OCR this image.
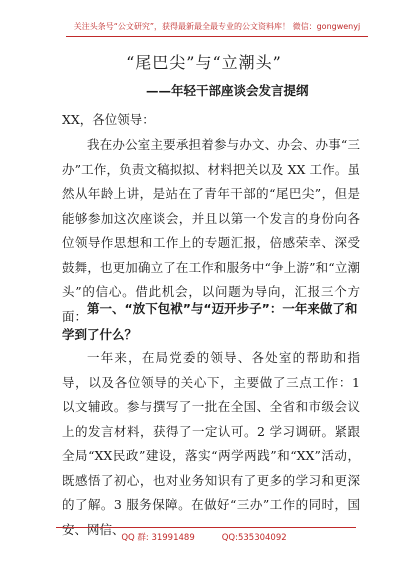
关注头条号“公文研究”，获得最新最全最专业的公文资料库！ 微信：gongwenyj
“尾巴尖”与“立潮头”
——年轻干部座谈会发言提纲

XX，各位领导：

我在办公室主要承担着参与办文、办会、办事“三办”工作，负责文稿拟拟、材料把关以及 XX 工作。虽然从年龄上讲，是站在了青年干部的“尾巴尖”，但是能够参加这次座谈会，并且以第一个发言的身份向各位领导作思想和工作上的专题汇报，倍感荣幸、深受鼓舞，也更加确立了在工作和服务中“争上游”和“立潮头”的信心。借此机会，以问题为导向，汇报三个方面： 第一、“放下包袱”与“迈开步子”：一年来做了和学到了什么？

一年来，在局党委的领导、各处室的帮助和指导，以及各位领导的关心下，主要做了三点工作：1 以文辅政。参与撰写了一批在全国、全省和市级会议上的发言材料，获得了一定认可。2 学习调研。紧跟全局“XX民政”建设，落实“两学两践”和“XX”活动，既感悟了初心，也对业务知识有了更多的学习和更深的了解。3 服务保障。在做好“三办”工作的同时，国安、网信、

QQ 群: 31991489          QQ:535304092
